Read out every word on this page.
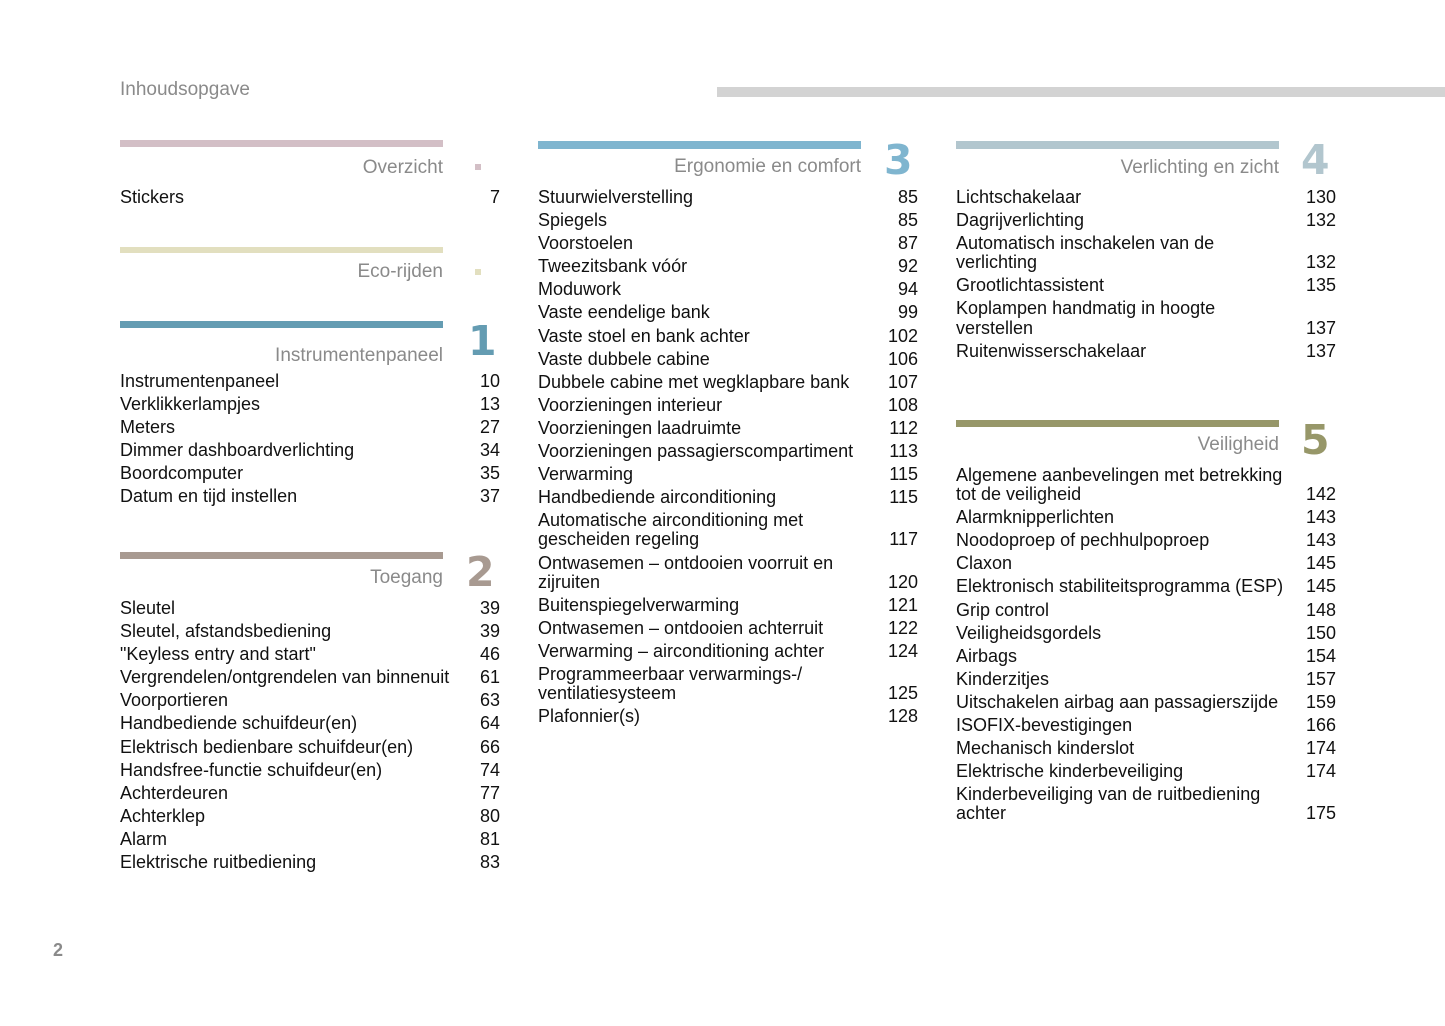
Inhoudsopgave
Overzicht
Stickers	7
Eco-rijden
Instrumentenpaneel 1
Instrumentenpaneel	10
Verklikkerlampjes	13
Meters	27
Dimmer dashboardverlichting	34
Boordcomputer	35
Datum en tijd instellen	37
Toegang 2
Sleutel	39
Sleutel, afstandsbediening	39
"Keyless entry and start"	46
Vergrendelen/ontgrendelen van binnenuit	61
Voorportieren	63
Handbediende schuifdeur(en)	64
Elektrisch bedienbare schuifdeur(en)	66
Handsfree-functie schuifdeur(en)	74
Achterdeuren	77
Achterklep	80
Alarm	81
Elektrische ruitbediening	83
Ergonomie en comfort 3
Stuurwielverstelling	85
Spiegels	85
Voorstoelen	87
Tweezitsbank vóór	92
Moduwork	94
Vaste eendelige bank	99
Vaste stoel en bank achter	102
Vaste dubbele cabine	106
Dubbele cabine met wegklapbare bank	107
Voorzieningen interieur	108
Voorzieningen laadruimte	112
Voorzieningen passagierscompartiment	113
Verwarming	115
Handbediende airconditioning	115
Automatische airconditioning met gescheiden regeling	117
Ontwasemen – ontdooien voorruit en zijruiten	120
Buitenspiegelverwarming	121
Ontwasemen – ontdooien achterruit	122
Verwarming – airconditioning achter	124
Programmeerbaar verwarmings-/ ventilatiesysteem	125
Plafonnier(s)	128
Verlichting en zicht 4
Lichtschakelaar	130
Dagrijverlichting	132
Automatisch inschakelen van de verlichting	132
Grootlichtassistent	135
Koplampen handmatig in hoogte verstellen	137
Ruitenwisserschakelaar	137
Veiligheid 5
Algemene aanbevelingen met betrekking tot de veiligheid	142
Alarmknipperlichten	143
Noodoproep of pechhulpoproep	143
Claxon	145
Elektronisch stabiliteitsprogramma (ESP)	145
Grip control	148
Veiligheidsgordels	150
Airbags	154
Kinderzitjes	157
Uitschakelen airbag aan passagierszijde	159
ISOFIX-bevestigingen	166
Mechanisch kinderslot	174
Elektrische kinderbeveiliging	174
Kinderbeveiliging van de ruitbediening achter	175
2
